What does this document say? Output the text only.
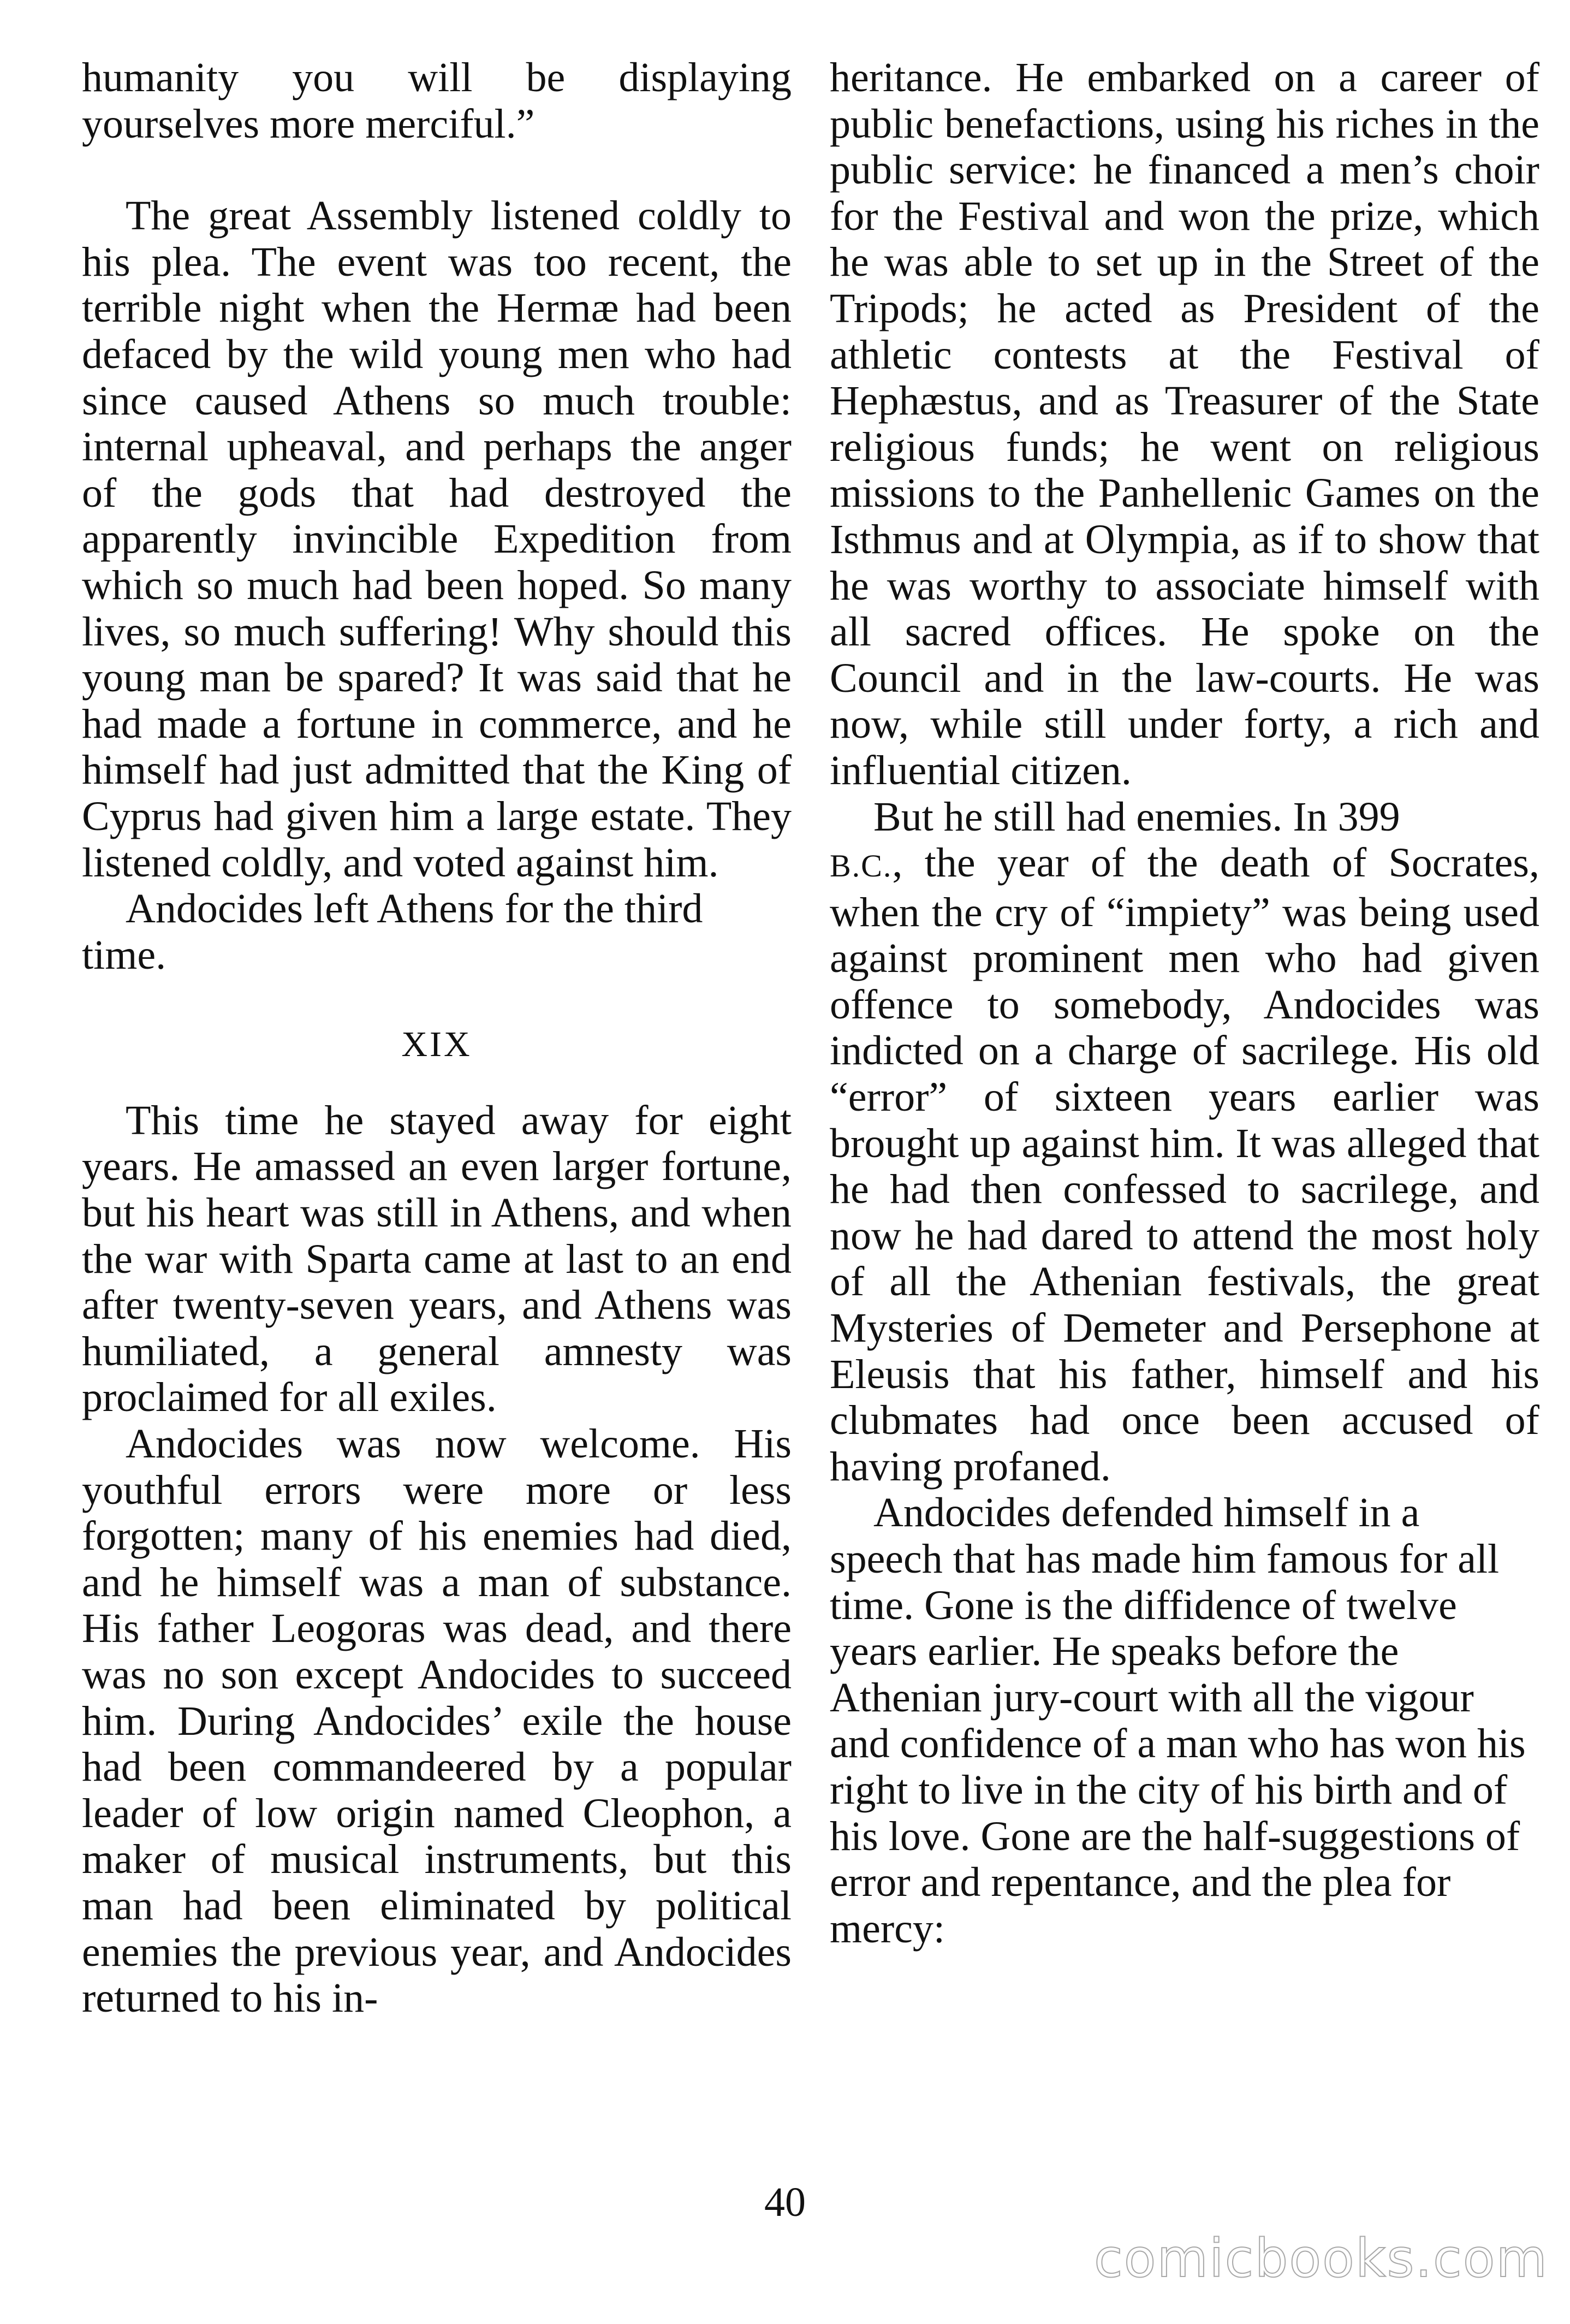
humanity you will be displaying yourselves more merciful.”

The great Assembly listened coldly to his plea. The event was too recent, the terrible night when the Hermæ had been defaced by the wild young men who had since caused Athens so much trouble: internal upheaval, and perhaps the anger of the gods that had destroyed the apparently invincible Expedition from which so much had been hoped. So many lives, so much suffering! Why should this young man be spared? It was said that he had made a fortune in commerce, and he himself had just admitted that the King of Cyprus had given him a large estate. They listened coldly, and voted against him.

Andocides left Athens for the third time.

XIX

This time he stayed away for eight years. He amassed an even larger fortune, but his heart was still in Athens, and when the war with Sparta came at last to an end after twenty-seven years, and Athens was humiliated, a general amnesty was proclaimed for all exiles.

Andocides was now welcome. His youthful errors were more or less forgotten; many of his enemies had died, and he himself was a man of substance. His father Leogoras was dead, and there was no son except Andocides to succeed him. During Andocides’ exile the house had been commandeered by a popular leader of low origin named Cleophon, a maker of musical instruments, but this man had been eliminated by political enemies the previous year, and Andocides returned to his in-

heritance. He embarked on a career of public benefactions, using his riches in the public service: he financed a men’s choir for the Festival and won the prize, which he was able to set up in the Street of the Tripods; he acted as President of the athletic contests at the Festival of Hephæstus, and as Treasurer of the State religious funds; he went on religious missions to the Panhellenic Games on the Isthmus and at Olympia, as if to show that he was worthy to associate himself with all sacred offices. He spoke on the Council and in the law-courts. He was now, while still under forty, a rich and influential citizen.

But he still had enemies. In 399
B.C., the year of the death of Socrates, when the cry of “impiety” was being used against prominent men who had given offence to somebody, Andocides was indicted on a charge of sacrilege. His old “error” of sixteen years earlier was brought up against him. It was alleged that he had then confessed to sacrilege, and now he had dared to attend the most holy of all the Athenian festivals, the great Mysteries of Demeter and Persephone at Eleusis that his father, himself and his clubmates had once been accused of having profaned.

Andocides defended himself in a speech that has made him famous for all time. Gone is the diffidence of twelve years earlier. He speaks before the Athenian jury-court with all the vigour and confidence of a man who has won his right to live in the city of his birth and of his love. Gone are the half-suggestions of error and repentance, and the plea for mercy:

40
comicbooks.com
